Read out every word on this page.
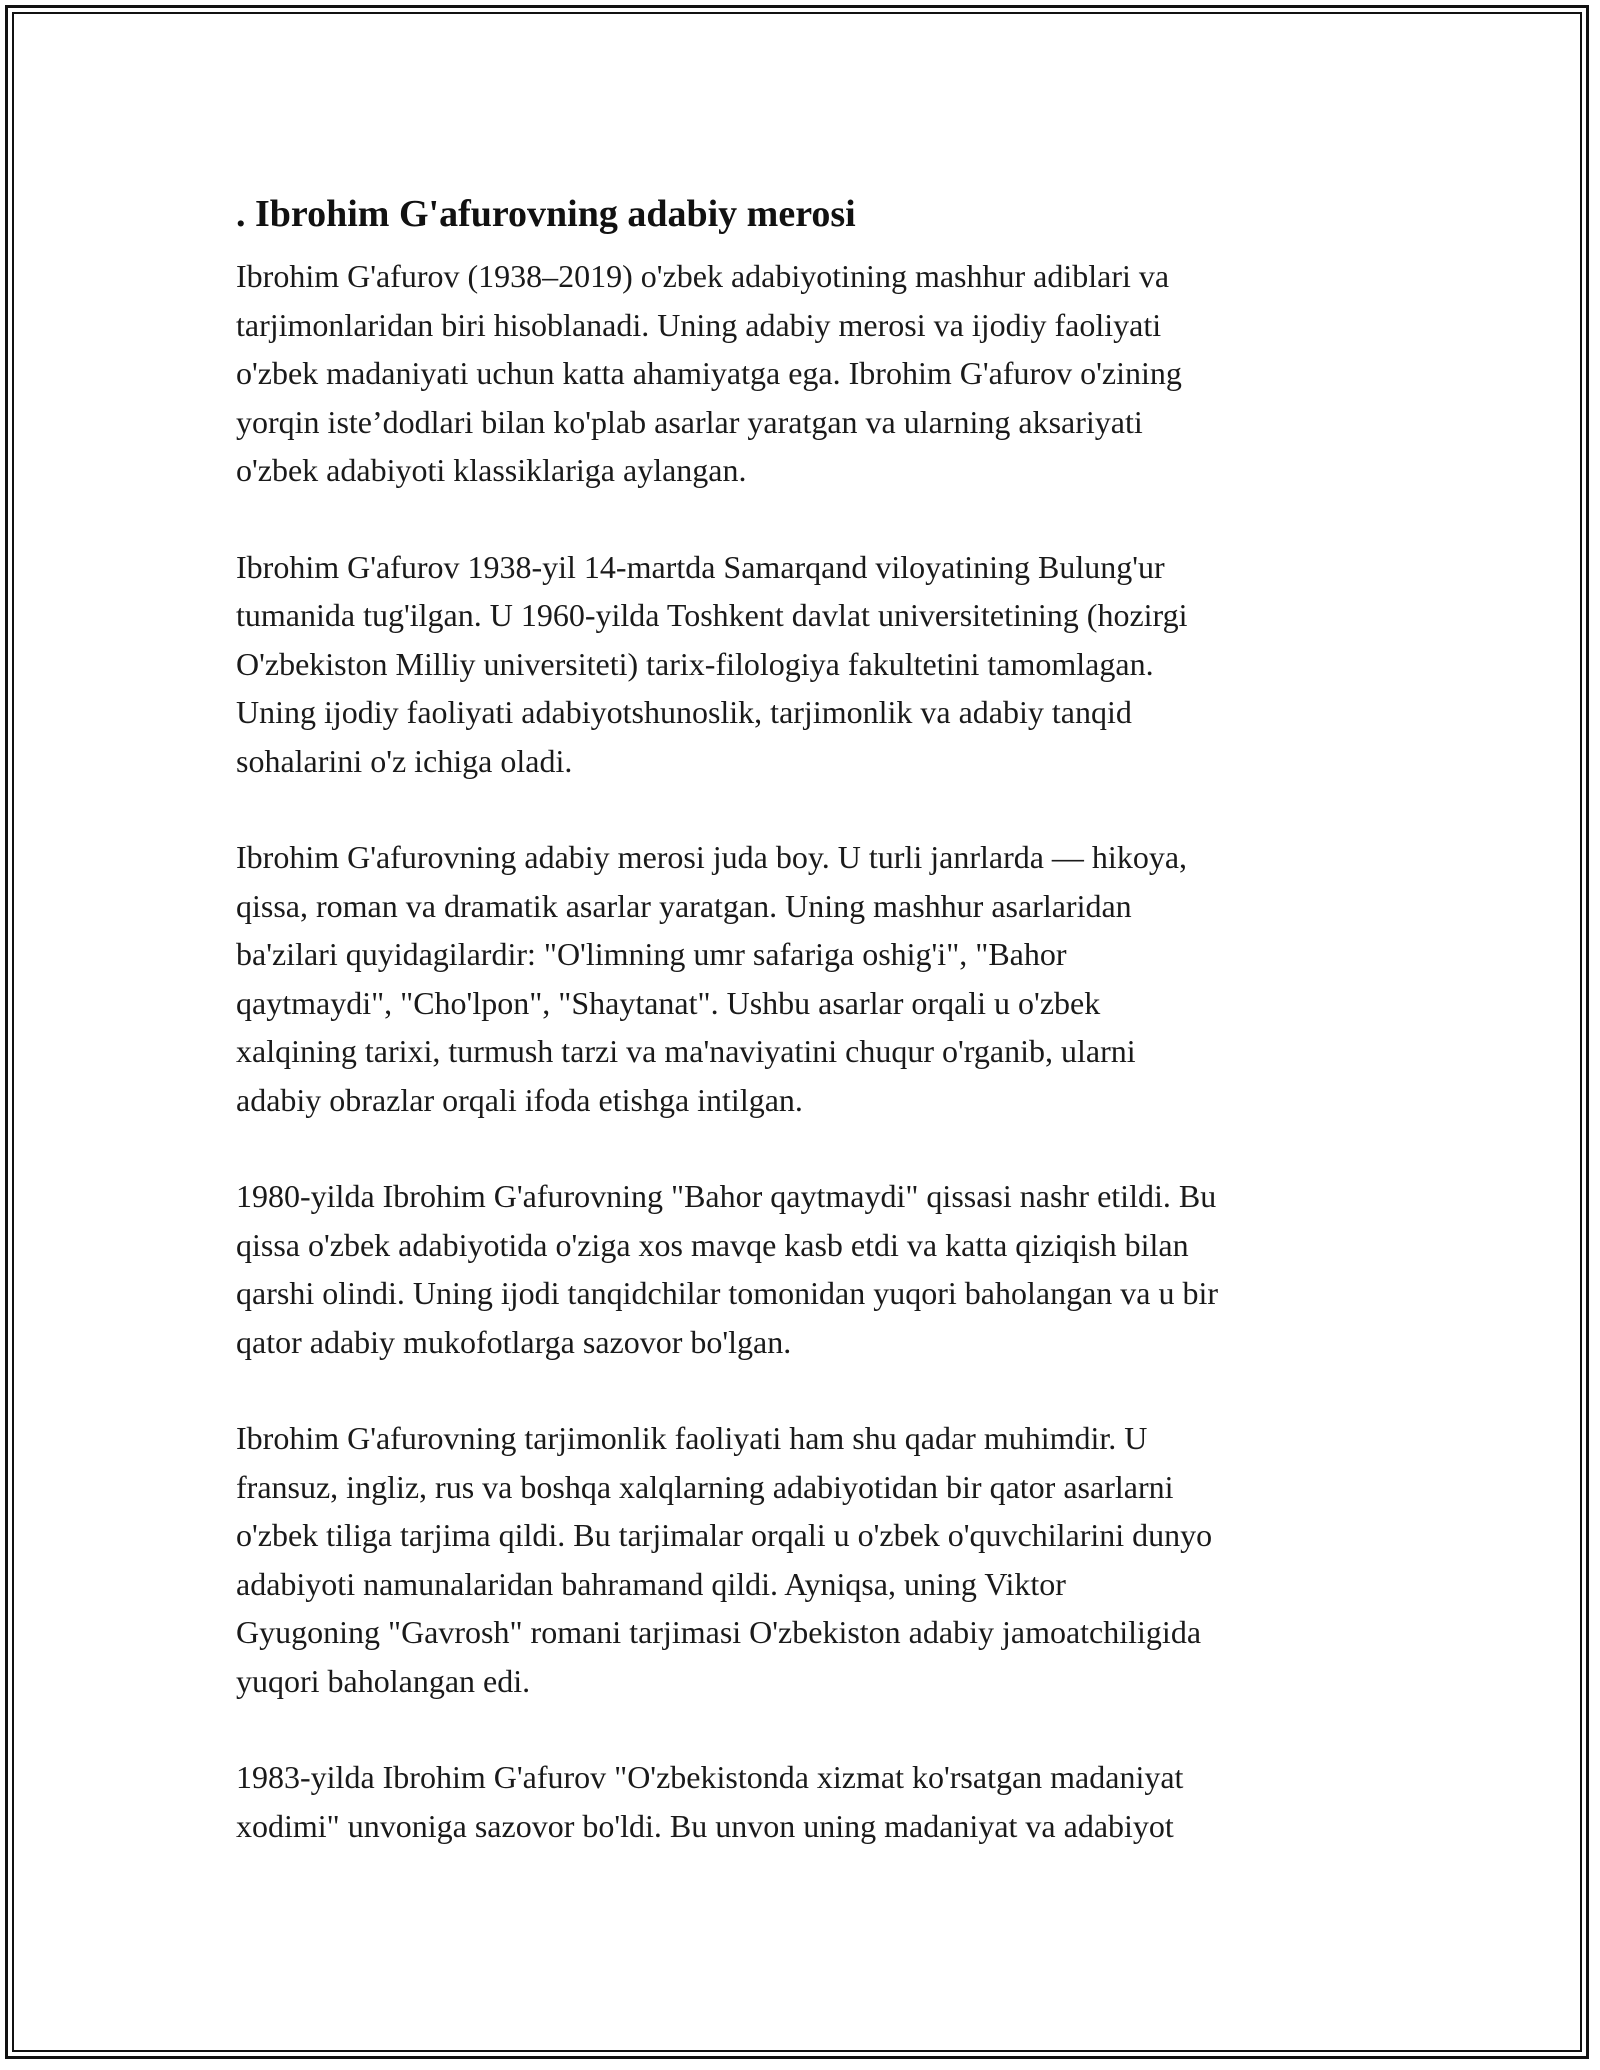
. Ibrohim G'afurovning adabiy merosi

Ibrohim G'afurov (1938–2019) o'zbek adabiyotining mashhur adiblari va
tarjimonlaridan biri hisoblanadi. Uning adabiy merosi va ijodiy faoliyati
o'zbek madaniyati uchun katta ahamiyatga ega. Ibrohim G'afurov o'zining
yorqin iste’dodlari bilan ko'plab asarlar yaratgan va ularning aksariyati
o'zbek adabiyoti klassiklariga aylangan.

Ibrohim G'afurov 1938-yil 14-martda Samarqand viloyatining Bulung'ur
tumanida tug'ilgan. U 1960-yilda Toshkent davlat universitetining (hozirgi
O'zbekiston Milliy universiteti) tarix-filologiya fakultetini tamomlagan.
Uning ijodiy faoliyati adabiyotshunoslik, tarjimonlik va adabiy tanqid
sohalarini o'z ichiga oladi.

Ibrohim G'afurovning adabiy merosi juda boy. U turli janrlarda — hikoya,
qissa, roman va dramatik asarlar yaratgan. Uning mashhur asarlaridan
ba'zilari quyidagilardir: "O'limning umr safariga oshig'i", "Bahor
qaytmaydi", "Cho'lpon", "Shaytanat". Ushbu asarlar orqali u o'zbek
xalqining tarixi, turmush tarzi va ma'naviyatini chuqur o'rganib, ularni
adabiy obrazlar orqali ifoda etishga intilgan.

1980-yilda Ibrohim G'afurovning "Bahor qaytmaydi" qissasi nashr etildi. Bu
qissa o'zbek adabiyotida o'ziga xos mavqe kasb etdi va katta qiziqish bilan
qarshi olindi. Uning ijodi tanqidchilar tomonidan yuqori baholangan va u bir
qator adabiy mukofotlarga sazovor bo'lgan.

Ibrohim G'afurovning tarjimonlik faoliyati ham shu qadar muhimdir. U
fransuz, ingliz, rus va boshqa xalqlarning adabiyotidan bir qator asarlarni
o'zbek tiliga tarjima qildi. Bu tarjimalar orqali u o'zbek o'quvchilarini dunyo
adabiyoti namunalaridan bahramand qildi. Ayniqsa, uning Viktor
Gyugoning "Gavrosh" romani tarjimasi O'zbekiston adabiy jamoatchiligida
yuqori baholangan edi.

1983-yilda Ibrohim G'afurov "O'zbekistonda xizmat ko'rsatgan madaniyat
xodimi" unvoniga sazovor bo'ldi. Bu unvon uning madaniyat va adabiyot
